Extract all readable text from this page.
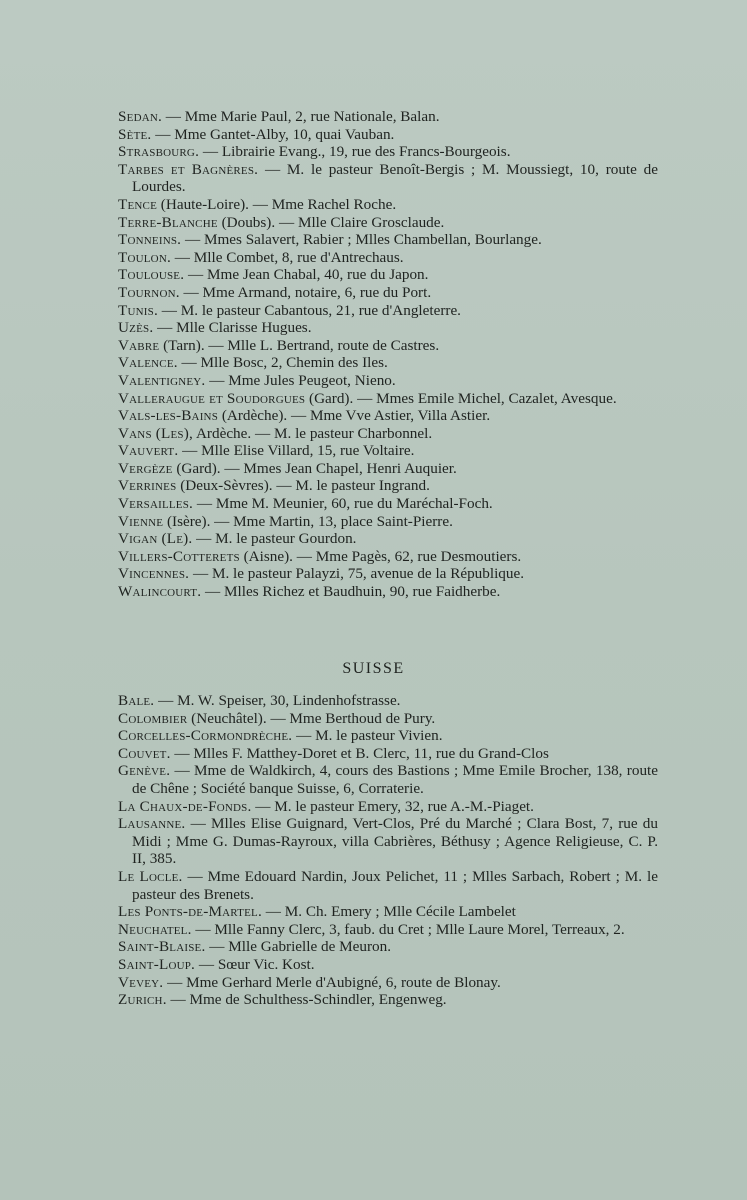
Sedan. — Mme Marie Paul, 2, rue Nationale, Balan.
Sète. — Mme Gantet-Alby, 10, quai Vauban.
Strasbourg. — Librairie Evang., 19, rue des Francs-Bourgeois.
Tarbes et Bagnères. — M. le pasteur Benoît-Bergis ; M. Moussiegt, 10, route de Lourdes.
Tence (Haute-Loire). — Mme Rachel Roche.
Terre-Blanche (Doubs). — Mlle Claire Grosclaude.
Tonneins. — Mmes Salavert, Rabier ; Mlles Chambellan, Bourlange.
Toulon. — Mlle Combet, 8, rue d'Antrechaus.
Toulouse. — Mme Jean Chabal, 40, rue du Japon.
Tournon. — Mme Armand, notaire, 6, rue du Port.
Tunis. — M. le pasteur Cabantous, 21, rue d'Angleterre.
Uzès. — Mlle Clarisse Hugues.
Vabre (Tarn). — Mlle L. Bertrand, route de Castres.
Valence. — Mlle Bosc, 2, Chemin des Iles.
Valentigney. — Mme Jules Peugeot, Nieno.
Valleraugue et Soudorgues (Gard). — Mmes Emile Michel, Cazalet, Avesque.
Vals-les-Bains (Ardèche). — Mme Vve Astier, Villa Astier.
Vans (Les), Ardèche. — M. le pasteur Charbonnel.
Vauvert. — Mlle Elise Villard, 15, rue Voltaire.
Vergèze (Gard). — Mmes Jean Chapel, Henri Auquier.
Verrines (Deux-Sèvres). — M. le pasteur Ingrand.
Versailles. — Mme M. Meunier, 60, rue du Maréchal-Foch.
Vienne (Isère). — Mme Martin, 13, place Saint-Pierre.
Vigan (Le). — M. le pasteur Gourdon.
Villers-Cotterets (Aisne). — Mme Pagès, 62, rue Desmoutiers.
Vincennes. — M. le pasteur Palayzi, 75, avenue de la République.
Walincourt. — Mlles Richez et Baudhuin, 90, rue Faidherbe.
SUISSE
Bale. — M. W. Speiser, 30, Lindenhofstrasse.
Colombier (Neuchâtel). — Mme Berthoud de Pury.
Corcelles-Cormondrèche. — M. le pasteur Vivien.
Couvet. — Mlles F. Matthey-Doret et B. Clerc, 11, rue du Grand-Clos
Genève. — Mme de Waldkirch, 4, cours des Bastions ; Mme Emile Brocher, 138, route de Chêne ; Société banque Suisse, 6, Corraterie.
La Chaux-de-Fonds. — M. le pasteur Emery, 32, rue A.-M.-Piaget.
Lausanne. — Mlles Elise Guignard, Vert-Clos, Pré du Marché ; Clara Bost, 7, rue du Midi ; Mme G. Dumas-Rayroux, villa Cabrières, Béthusy ; Agence Religieuse, C. P. II, 385.
Le Locle. — Mme Edouard Nardin, Joux Pelichet, 11 ; Mlles Sarbach, Robert ; M. le pasteur des Brenets.
Les Ponts-de-Martel. — M. Ch. Emery ; Mlle Cécile Lambelet
Neuchatel. — Mlle Fanny Clerc, 3, faub. du Cret ; Mlle Laure Morel, Terreaux, 2.
Saint-Blaise. — Mlle Gabrielle de Meuron.
Saint-Loup. — Sœur Vic. Kost.
Vevey. — Mme Gerhard Merle d'Aubigné, 6, route de Blonay.
Zurich. — Mme de Schulthess-Schindler, Engenweg.
